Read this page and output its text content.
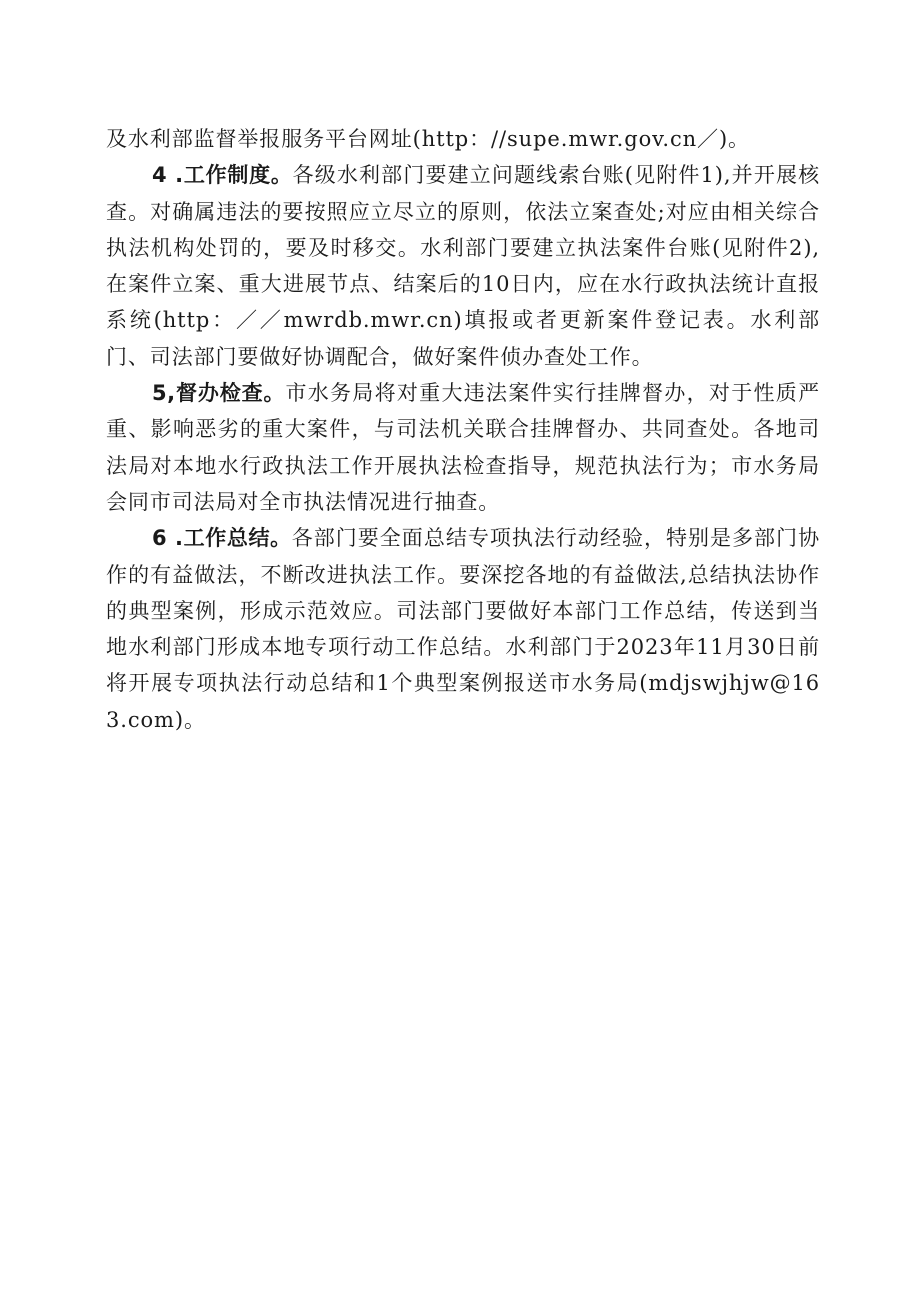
及水利部监督举报服务平台网址(http：//supe.mwr.gov.cn／)。

4 .工作制度。各级水利部门要建立问题线索台账(见附件1),并开展核查。对确属违法的要按照应立尽立的原则，依法立案查处;对应由相关综合执法机构处罚的，要及时移交。水利部门要建立执法案件台账(见附件2),在案件立案、重大进展节点、结案后的10日内，应在水行政执法统计直报系统(http：／／mwrdb.mwr.cn)填报或者更新案件登记表。水利部门、司法部门要做好协调配合，做好案件侦办查处工作。

5,督办检查。市水务局将对重大违法案件实行挂牌督办，对于性质严重、影响恶劣的重大案件，与司法机关联合挂牌督办、共同查处。各地司法局对本地水行政执法工作开展执法检查指导，规范执法行为；市水务局会同市司法局对全市执法情况进行抽查。

6 .工作总结。各部门要全面总结专项执法行动经验，特别是多部门协作的有益做法，不断改进执法工作。要深挖各地的有益做法,总结执法协作的典型案例，形成示范效应。司法部门要做好本部门工作总结，传送到当地水利部门形成本地专项行动工作总结。水利部门于2023年11月30日前将开展专项执法行动总结和1个典型案例报送市水务局(mdjswjhjw@163.com)。
